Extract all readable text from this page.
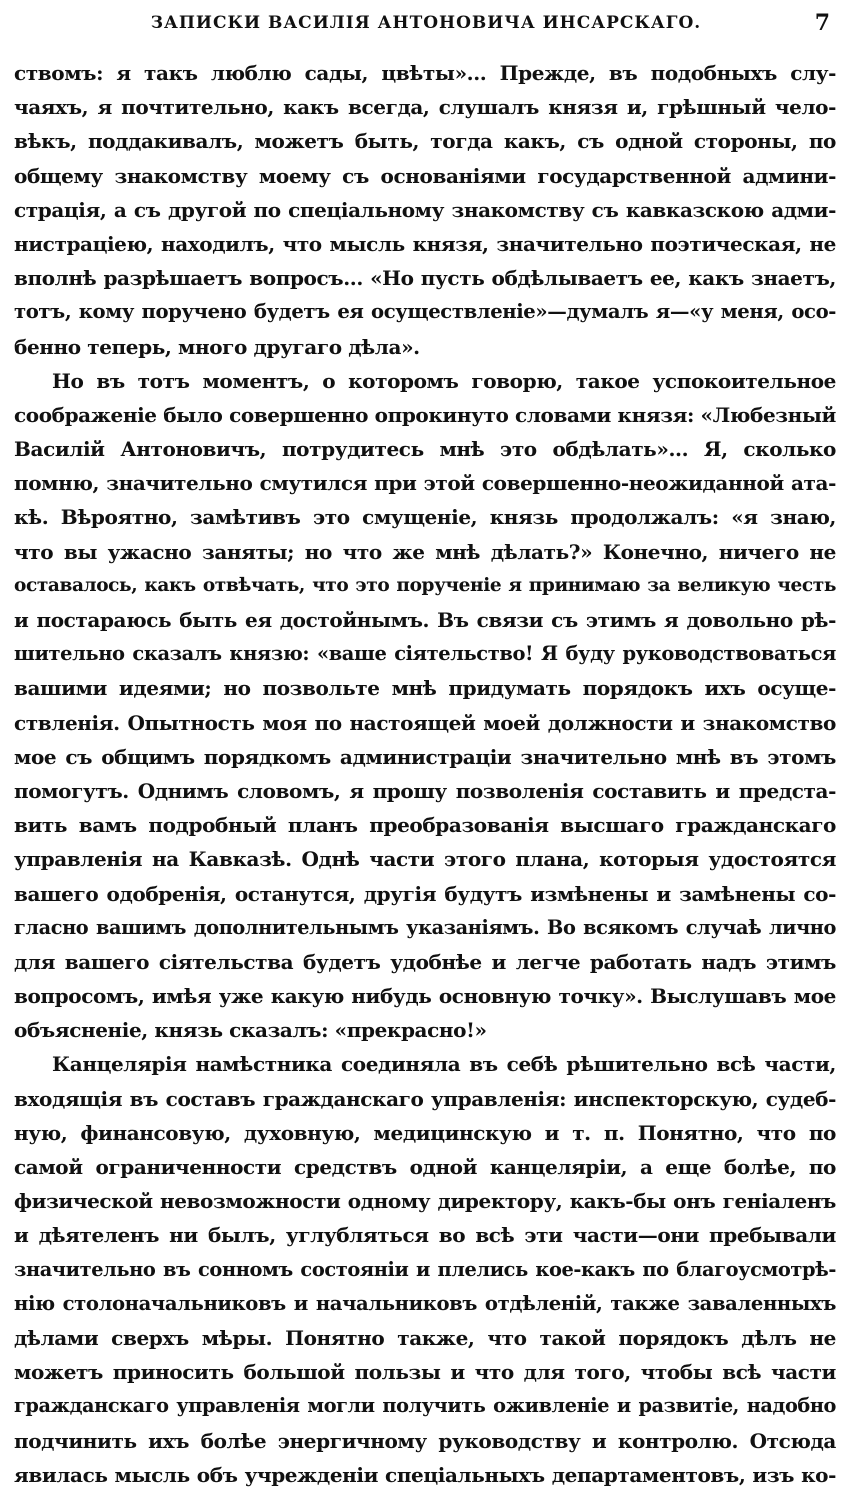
ЗАПИСКИ ВАСИЛІЯ АНТОНОВИЧА ИНСАРСКАГО.	7
ствомъ: я такъ люблю сады, цвѣты»... Прежде, въ подобныхъ слу-
чаяхъ, я почтительно, какъ всегда, слушалъ князя и, грѣшный чело-
вѣкъ, поддакивалъ, можетъ быть, тогда какъ, съ одной стороны, по
общему знакомству моему съ основаніями государственной админи-
страція, а съ другой по спеціальному знакомству съ кавказскою адми-
нистраціею, находилъ, что мысль князя, значительно поэтическая, не
вполнѣ разрѣшаетъ вопросъ... «Но пусть обдѣлываетъ ее, какъ знаетъ,
тотъ, кому поручено будетъ ея осуществленіе»—думалъ я—«у меня, осо-
бенно теперь, много другаго дѣла».
Но въ тотъ моментъ, о которомъ говорю, такое успокоительное
соображеніе было совершенно опрокинуто словами князя: «Любезный
Василій Антоновичъ, потрудитесь мнѣ это обдѣлать»... Я, сколько
помню, значительно смутился при этой совершенно-неожиданной ата-
кѣ. Вѣроятно, замѣтивъ это смущеніе, князь продолжалъ: «я знаю,
что вы ужасно заняты; но что же мнѣ дѣлать?» Конечно, ничего не
оставалось, какъ отвѣчать, что это порученіе я принимаю за великую честь
и постараюсь быть ея достойнымъ. Въ связи съ этимъ я довольно рѣ-
шительно сказалъ князю: «ваше сіятельство! Я буду руководствоваться
вашими идеями; но позвольте мнѣ придумать порядокъ ихъ осуще-
ствленія. Опытность моя по настоящей моей должности и знакомство
мое съ общимъ порядкомъ администраціи значительно мнѣ въ этомъ
помогутъ. Однимъ словомъ, я прошу позволенія составить и предста-
вить вамъ подробный планъ преобразованія высшаго гражданскаго
управленія на Кавказѣ. Однѣ части этого плана, которыя удостоятся
вашего одобренія, останутся, другія будутъ измѣнены и замѣнены со-
гласно вашимъ дополнительнымъ указаніямъ. Во всякомъ случаѣ лично
для вашего сіятельства будетъ удобнѣе и легче работать надъ этимъ
вопросомъ, имѣя уже какую нибудь основную точку». Выслушавъ мое
объясненіе, князь сказалъ: «прекрасно!»
Канцелярія намѣстника соединяла въ себѣ рѣшительно всѣ части,
входящія въ составъ гражданскаго управленія: инспекторскую, судеб-
ную, финансовую, духовную, медицинскую и т. п. Понятно, что по
самой ограниченности средствъ одной канцеляріи, а еще болѣе, по
физической невозможности одному директору, какъ-бы онъ геніаленъ
и дѣятеленъ ни былъ, углубляться во всѣ эти части—они пребывали
значительно въ сонномъ состояніи и плелись кое-какъ по благоусмотрѣ-
нію столоначальниковъ и начальниковъ отдѣленій, также заваленныхъ
дѣлами сверхъ мѣры. Понятно также, что такой порядокъ дѣлъ не
можетъ приносить большой пользы и что для того, чтобы всѣ части
гражданскаго управленія могли получить оживленіе и развитіе, надобно
подчинить ихъ болѣе энергичному руководству и контролю. Отсюда
явилась мысль объ учрежденіи спеціальныхъ департаментовъ, изъ ко-
